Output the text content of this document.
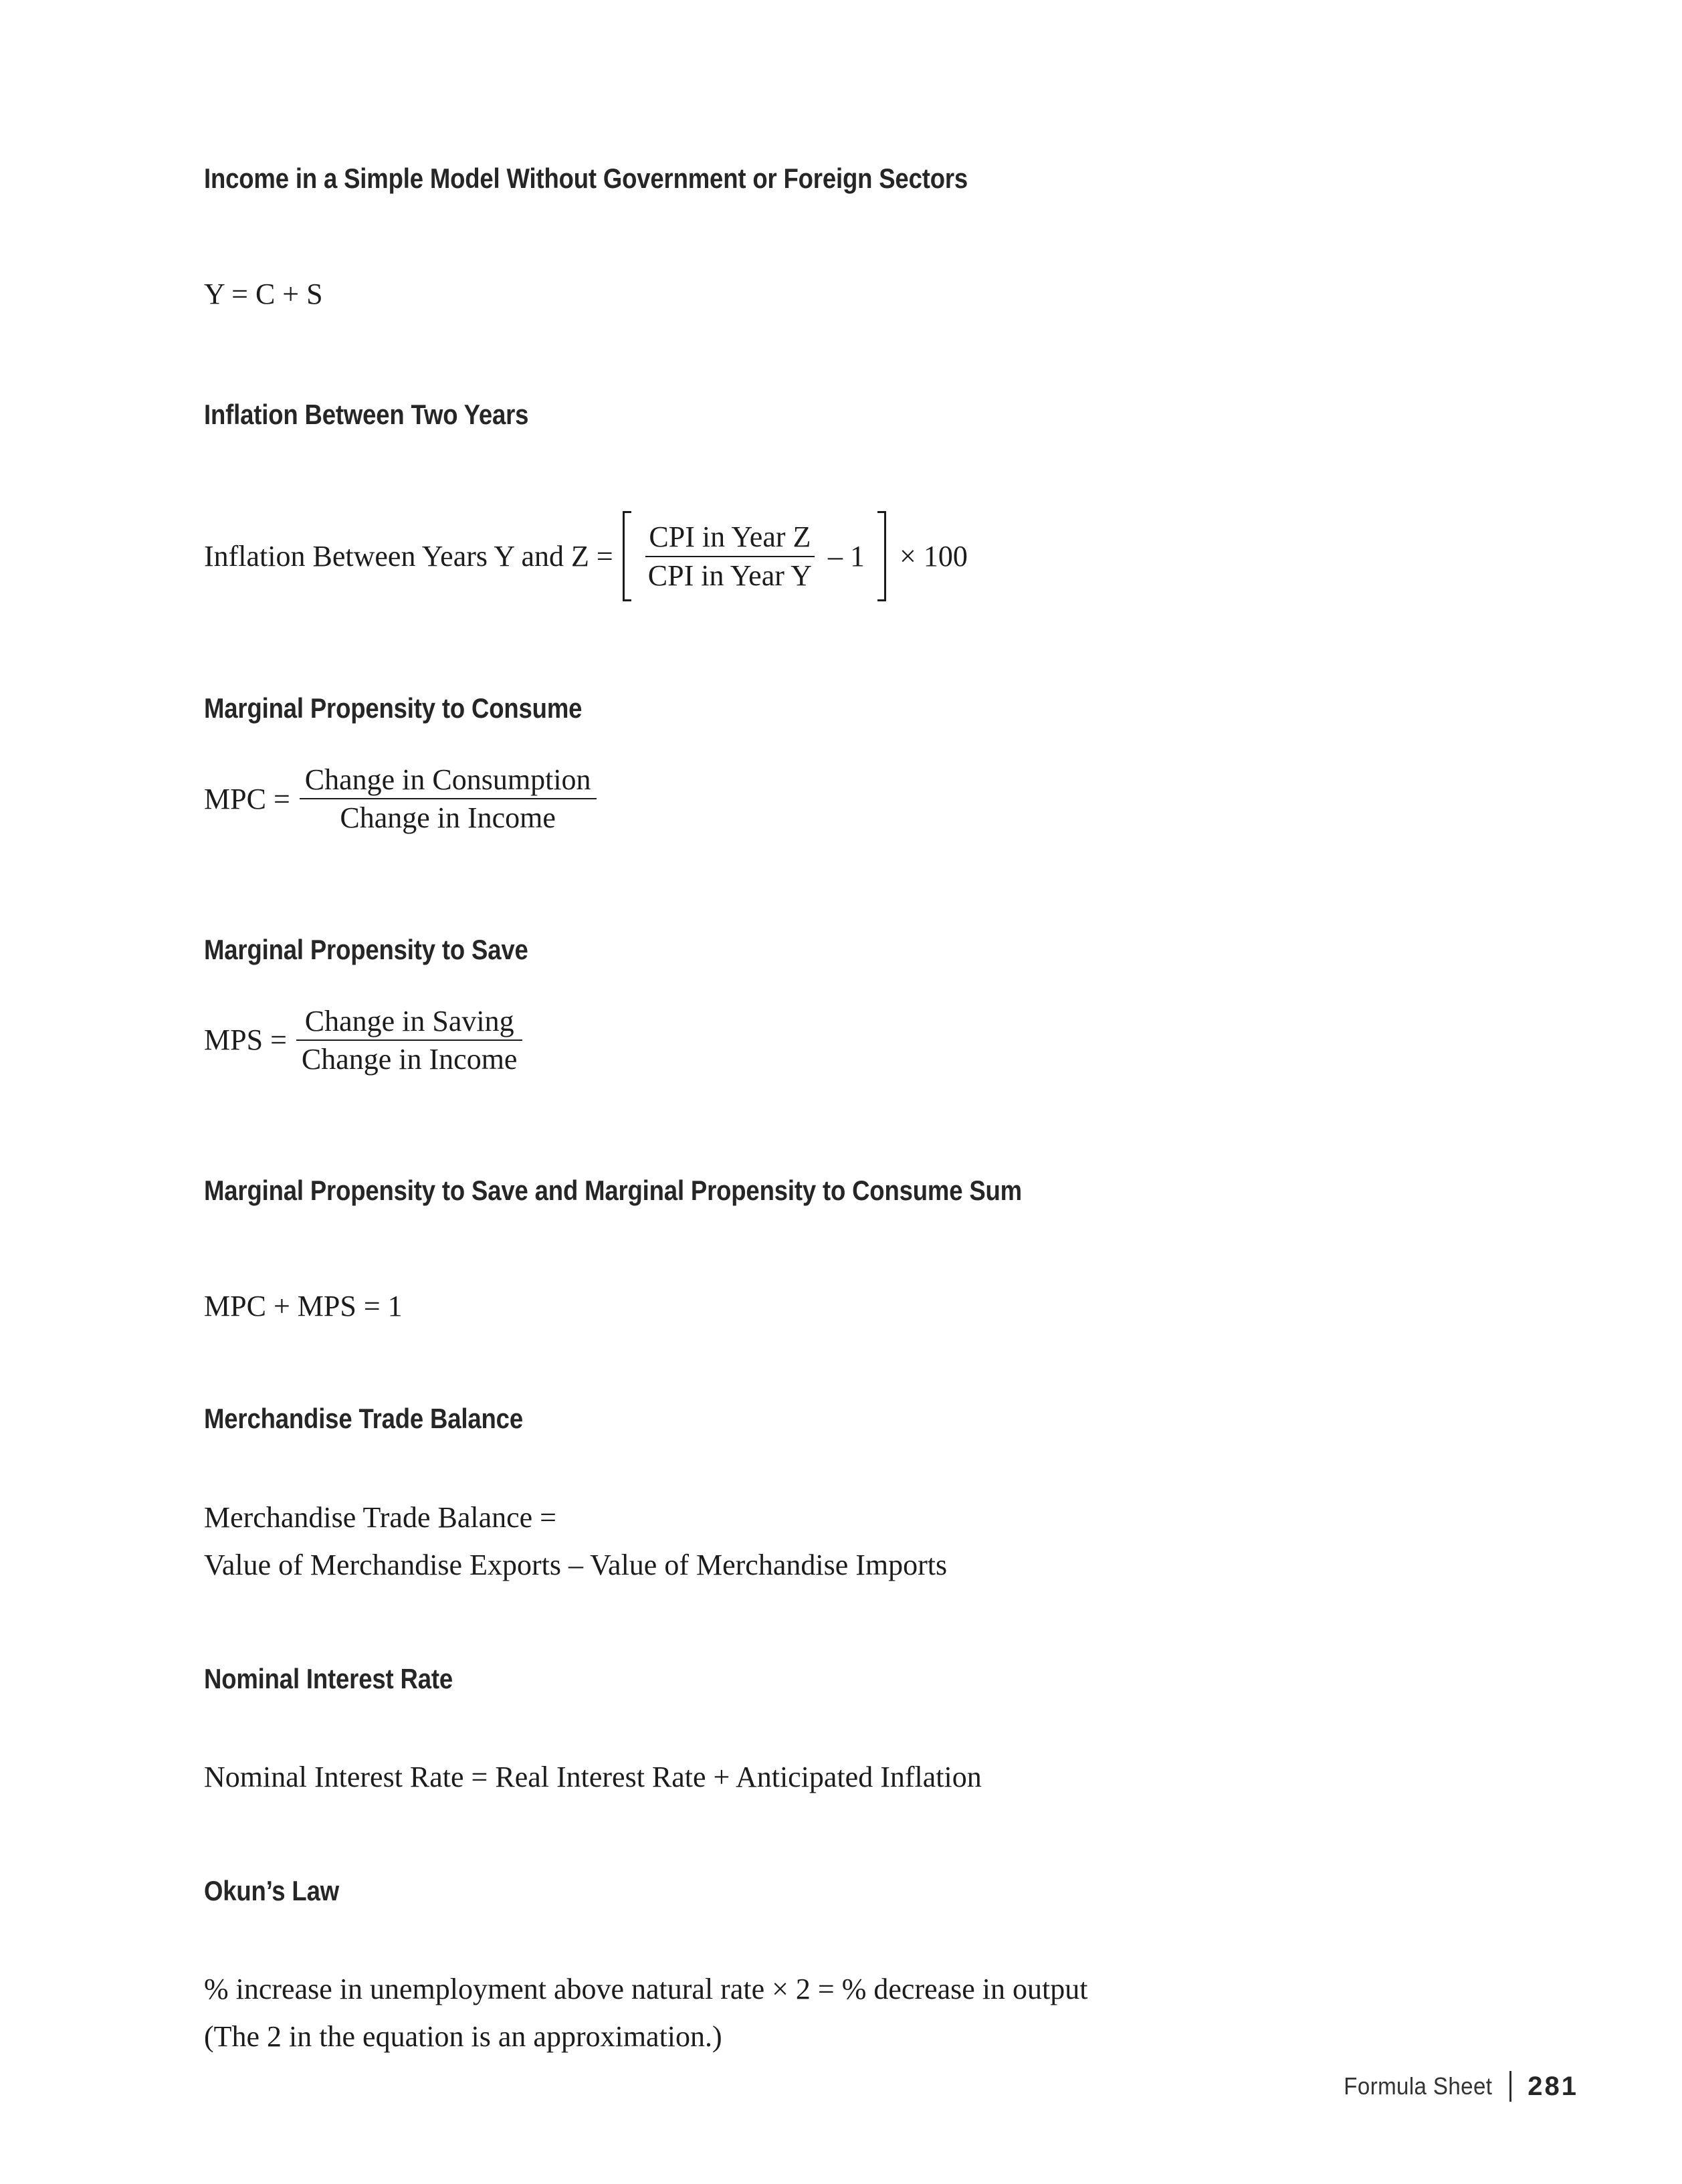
Income in a Simple Model Without Government or Foreign Sectors

Y = C + S

Inflation Between Two Years
Inflation Between Years Y and Z =	$\frac{\text{CPI in Year Z}}{\text{CPI in Year Y}} - 1$	× 100
Marginal Propensity to Consume
MPC = $\frac{\text{Change in Consumption}}{\text{Change in Income}}$
Marginal Propensity to Save
MPS = $\frac{\text{Change in Saving}}{\text{Change in Income}}$
Marginal Propensity to Save and Marginal Propensity to Consume Sum

MPC + MPS = 1

Merchandise Trade Balance

Merchandise Trade Balance =

Value of Merchandise Exports – Value of Merchandise Imports

Nominal Interest Rate

Nominal Interest Rate = Real Interest Rate + Anticipated Inflation

Okun’s Law

% increase in unemployment above natural rate × 2 = % decrease in output

(The 2 in the equation is an approximation.)

Formula Sheet 281
